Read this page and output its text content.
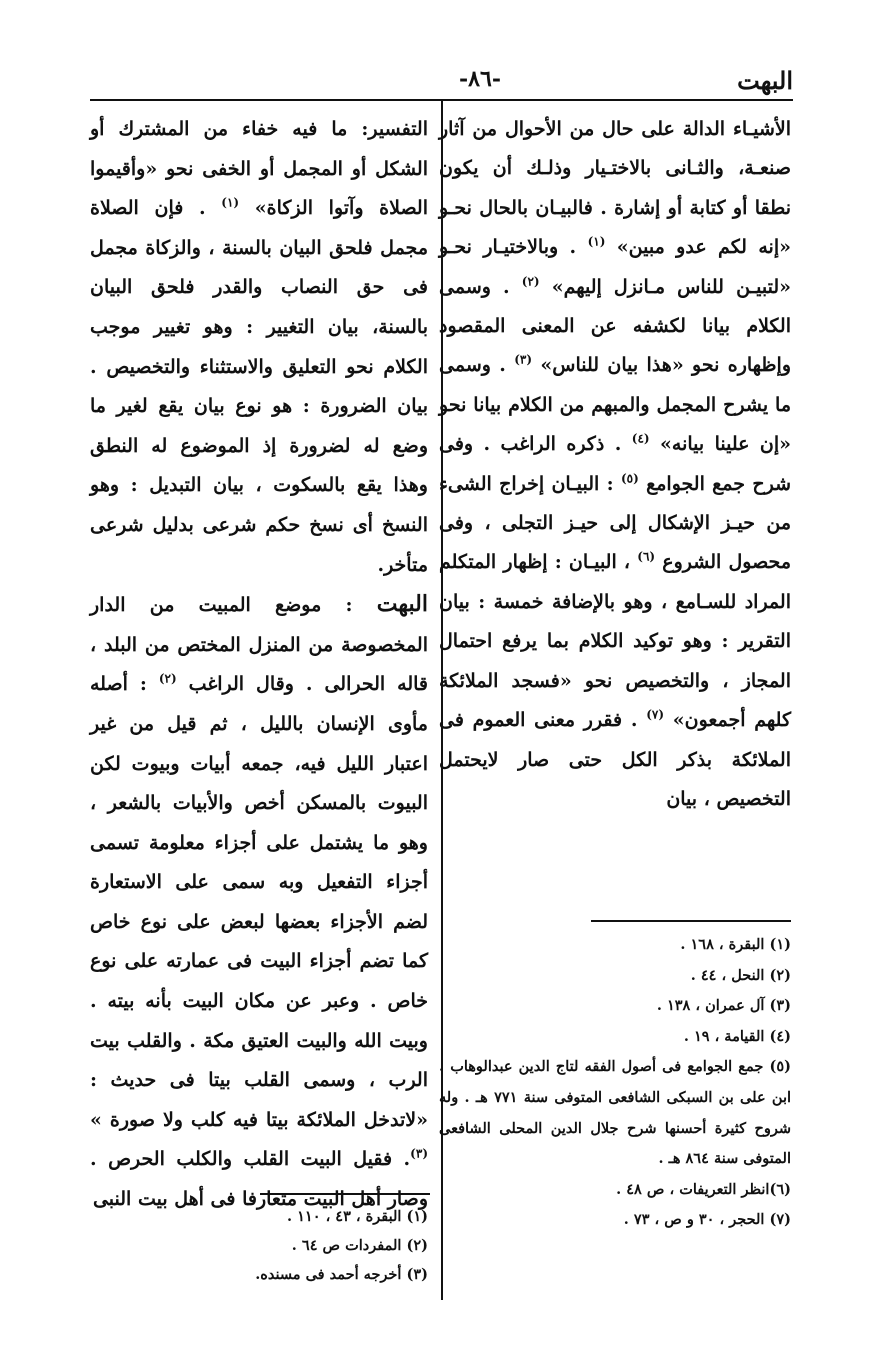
البهت
-٨٦-

الأشيـاء الدالة على حال من الأحوال من آثار صنعـة، والثـانى بالاختـيار وذلـك أن يكون نطقا أو كتابة أو إشارة . فالبيـان بالحال نحـو «إنه لكم عدو مبين» $^{(١)}$ . وبالاختيـار نحـو «لتبيـن للناس مـانزل إليهم» $^{(٢)}$ . وسمى الكلام بيانا لكشفه عن المعنى المقصود وإظهاره نحو «هذا بيان للناس» $^{(٣)}$ . وسمى ما يشرح المجمل والمبهم من الكلام بيانا نحو «إن علينا بيانه» $^{(٤)}$ . ذكره الراغب . وفى شرح جمع الجوامع $^{(٥)}$ : البيـان إخراج الشىء من حيـز الإشكال إلى حيـز التجلى ، وفى محصول الشروع $^{(٦)}$ ، البيـان : إظهار المتكلم المراد للسـامع ، وهو بالإضافة خمسة : بيان التقرير : وهو توكيد الكلام بما يرفع احتمال المجاز ، والتخصيص نحو «فسجد الملائكة كلهم أجمعون» $^{(٧)}$ . فقرر معنى العموم فى الملائكة بذكر الكل حتى صار لايحتمل التخصيص ، بيان

التفسير: ما فيه خفاء من المشترك أو الشكل أو المجمل أو الخفى نحو «وأقيموا الصلاة وآتوا الزكاة» $^{(١)}$ . فإن الصلاة مجمل فلحق البيان بالسنة ، والزكاة مجمل فى حق النصاب والقدر فلحق البيان بالسنة، بيان التغيير : وهو تغيير موجب الكلام نحو التعليق والاستثناء والتخصيص . بيان الضرورة : هو نوع بيان يقع لغير ما وضع له لضرورة إذ الموضوع له النطق وهذا يقع بالسكوت ، بيان التبديل : وهو النسخ أى نسخ حكم شرعى بدليل شرعى متأخر.

البهت : موضع المبيت من الدار المخصوصة من المنزل المختص من البلد ، قاله الحرالى . وقال الراغب $^{(٢)}$ : أصله مأوى الإنسان بالليل ، ثم قيل من غير اعتبار الليل فيه، جمعه أبيات وبيوت لكن البيوت بالمسكن أخص والأبيات بالشعر ، وهو ما يشتمل على أجزاء معلومة تسمى أجزاء التفعيل وبه سمى على الاستعارة لضم الأجزاء بعضها لبعض على نوع خاص كما تضم أجزاء البيت فى عمارته على نوع خاص . وعبر عن مكان البيت بأنه بيته . وبيت الله والبيت العتيق مكة . والقلب بيت الرب ، وسمى القلب بيتا فى حديث : «لاتدخل الملائكة بيتا فيه كلب ولا صورة » $^{(٣)}$. فقيل البيت القلب والكلب الحرص . وصار أهل البيت متعارفا فى أهل بيت النبى

(١) البقرة ، ١٦٨ .
(٢) النحل ، ٤٤ .
(٣) آل عمران ، ١٣٨ .
(٤) القيامة ، ١٩ .
(٥) جمع الجوامع فى أصول الفقه لتاج الدين عبدالوهاب . ابن على بن السبكى الشافعى المتوفى سنة ٧٧١ هـ . وله شروح كثيرة أحسنها شرح جلال الدين المحلى الشافعى المتوفى سنة ٨٦٤ هـ .
(٦)انظر التعريفات ، ص ٤٨ .
(٧) الحجر ، ٣٠ و ص ، ٧٣ .
(١) البقرة ، ٤٣ ، ١١٠ .
(٢) المفردات ص ٦٤ .
(٣) أخرجه أحمد فى مسنده.
